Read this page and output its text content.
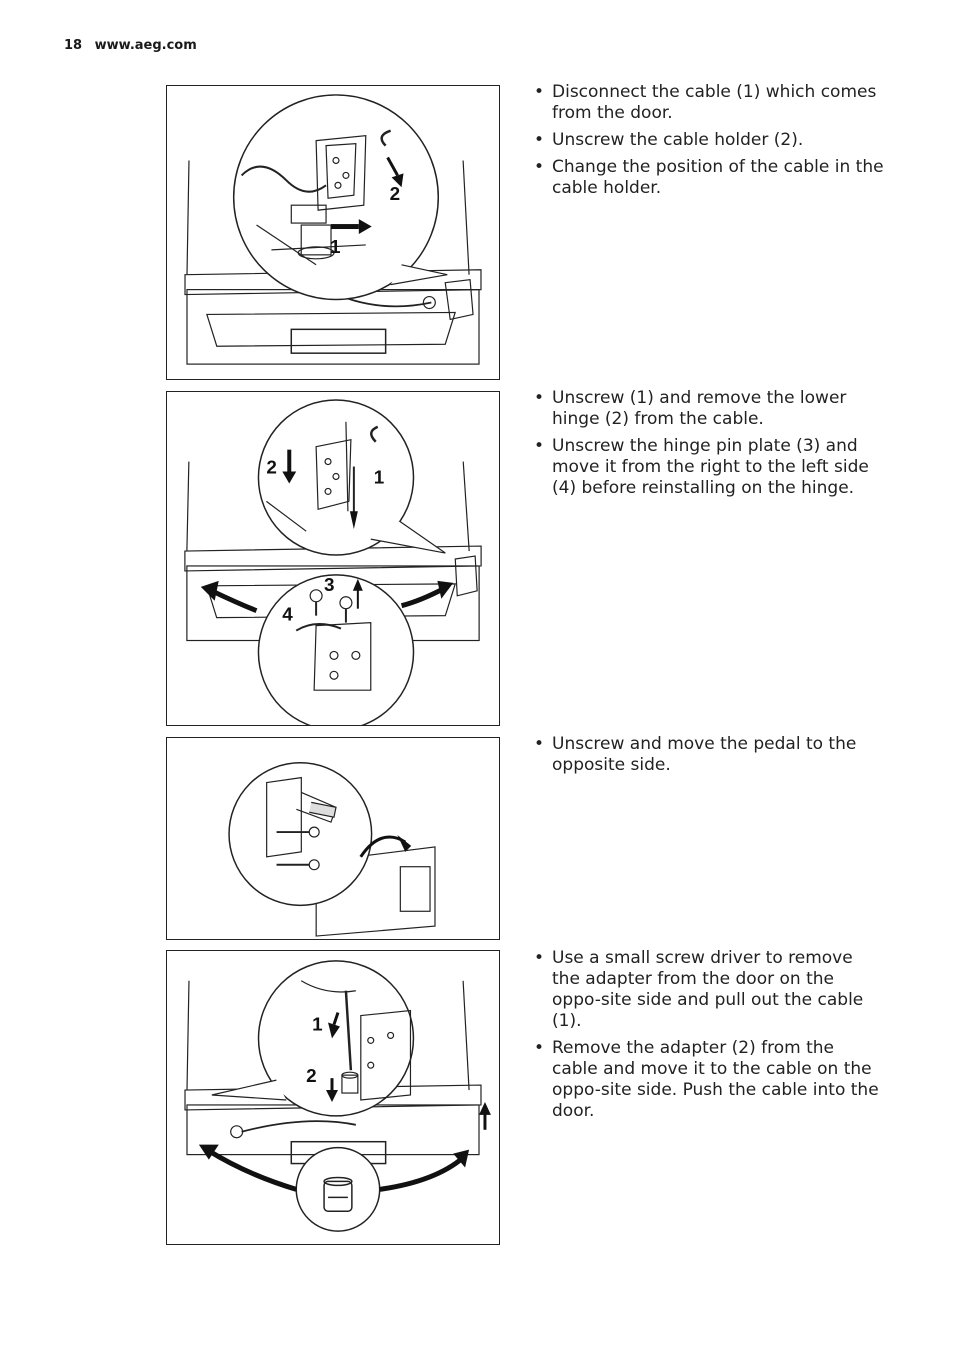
18 www.aeg.com
2
1
• Disconnect the cable (1) which comes from the door.
• Unscrew the cable holder (2).
• Change the position of the cable in the cable holder.
2	1
3
4
• Unscrew (1) and remove the lower hinge (2) from the cable.
• Unscrew the hinge pin plate (3) and move it from the right to the left side (4) before reinstalling on the hinge.
• Unscrew and move the pedal to the opposite side.
1
2
• Use a small screw driver to remove the adapter from the door on the oppo-site side and pull out the cable (1).
• Remove the adapter (2) from the cable and move it to the cable on the oppo-site side. Push the cable into the door.
